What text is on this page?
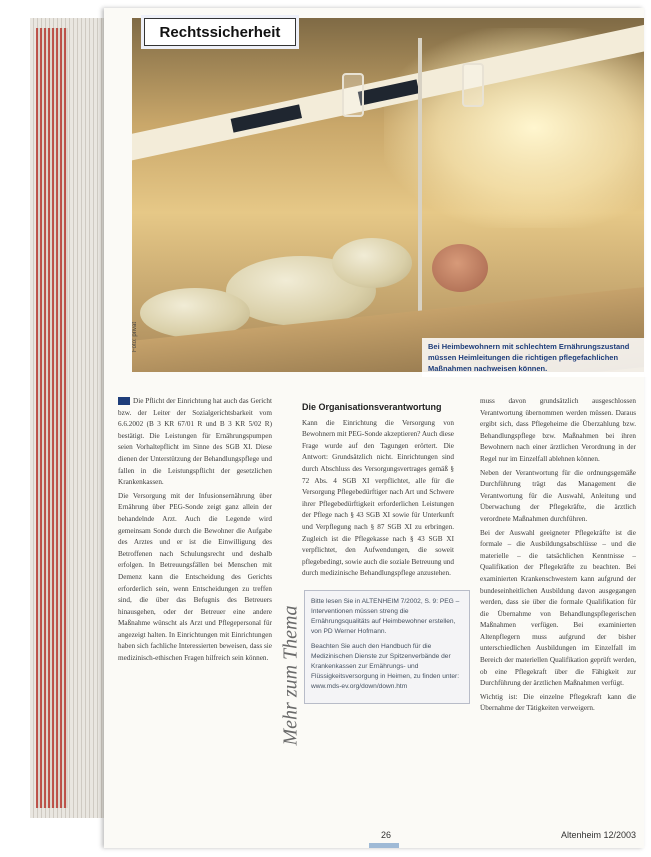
Foto: privat
Rechtssicherheit
Bei Heimbewohnern mit schlechtem Ernährungszustand müssen Heimleitungen die richtigen pflegefachlichen Maßnahmen nachweisen können.

Die Pflicht der Einrichtung hat auch das Gericht bzw. der Leiter der Sozialgerichtsbarkeit vom 6.6.2002 (B 3 KR 67/01 R und B 3 KR 5/02 R) bestätigt. Die Leistungen für Ernährungspumpen seien Vorhaltepflicht im Sinne des SGB XI. Diese dienen der Unterstützung der Behandlungspflege und fallen in die Leistungspflicht der gesetzlichen Krankenkassen.

Die Versorgung mit der Infusionsernährung über Ernährung über PEG-Sonde zeigt ganz allein der behandelnde Arzt. Auch die Legende wird gemeinsam Sonde durch die Bewohner die Aufgabe des Arztes und er ist die Einwilligung des Betroffenen nach Schulungsrecht und deshalb erfolgen. In Betreuungsfällen bei Menschen mit Demenz kann die Entscheidung des Gerichts erforderlich sein, wenn Entscheidungen zu treffen sind, die über das Befugnis des Betreuers hinausgehen, oder der Betreuer eine andere Maßnahme wünscht als Arzt und Pflegepersonal für angezeigt halten. In Einrichtungen mit Einrichtungen haben sich fachliche Interessierten beweisen, dass sie medizinisch-ethischen Fragen hilfreich sein können.

Die Organisationsverantwortung

Kann die Einrichtung die Versorgung von Bewohnern mit PEG-Sonde akzeptieren? Auch diese Frage wurde auf den Tagungen erörtert. Die Antwort: Grundsätzlich nicht. Einrichtungen sind durch Abschluss des Versorgungsvertrages gemäß § 72 Abs. 4 SGB XI verpflichtet, alle für die Versorgung Pflegebedürftiger nach Art und Schwere ihrer Pflegebedürftigkeit erforderlichen Leistungen der Pflege nach § 43 SGB XI sowie für Unterkunft und Verpflegung nach § 87 SGB XI zu erbringen. Zugleich ist die Pflegekasse nach § 43 SGB XI verpflichtet, den Aufwendungen, die soweit pflegebedingt, sowie auch die soziale Betreuung und durch medizinische Behandlungspflege anzustehen.

Mehr zum Thema

Bitte lesen Sie in ALTENHEIM 7/2002, S. 9: PEG – Interventionen müssen streng die Ernährungsqualitäts auf Heimbewohner erstellen, von PD Werner Hofmann.

Beachten Sie auch den Handbuch für die Medizinischen Dienste zur Spitzenverbände der Krankenkassen zur Ernährungs- und Flüssigkeitsversorgung in Heimen, zu finden unter: www.mds-ev.org/down/down.htm

muss davon grundsätzlich ausgeschlossen Verantwortung übernommen werden müssen. Daraus ergibt sich, dass Pflegeheime die Überzahlung bzw. Behandlungspflege bzw. Maßnahmen bei ihren Bewohnern nach einer ärztlichen Verordnung in der Regel nur im Einzelfall ablehnen können.

Neben der Verantwortung für die ordnungsgemäße Durchführung trägt das Management die Verantwortung für die Auswahl, Anleitung und Überwachung der Pflegekräfte, die ärztlich verordnete Maßnahmen durchführen.

Bei der Auswahl geeigneter Pflegekräfte ist die formale – die Ausbildungsabschlüsse – und die materielle – die tatsächlichen Kenntnisse – Qualifikation der Pflegekräfte zu beachten. Bei examinierten Krankenschwestern kann aufgrund der bundeseinheitlichen Ausbildung davon ausgegangen werden, dass sie über die formale Qualifikation für die Übernahme von Behandlungspflegerischen Maßnahmen verfügen. Bei examinierten Altenpflegern muss aufgrund der bisher unterschiedlichen Ausbildungen im Einzelfall im Bereich der materiellen Qualifikation geprüft werden, ob eine Pflegekraft über die Fähigkeit zur Durchführung der ärztlichen Maßnahmen verfügt.

Wichtig ist: Die einzelne Pflegekraft kann die Übernahme der Tätigkeiten verweigern.

26	Altenheim 12/2003
